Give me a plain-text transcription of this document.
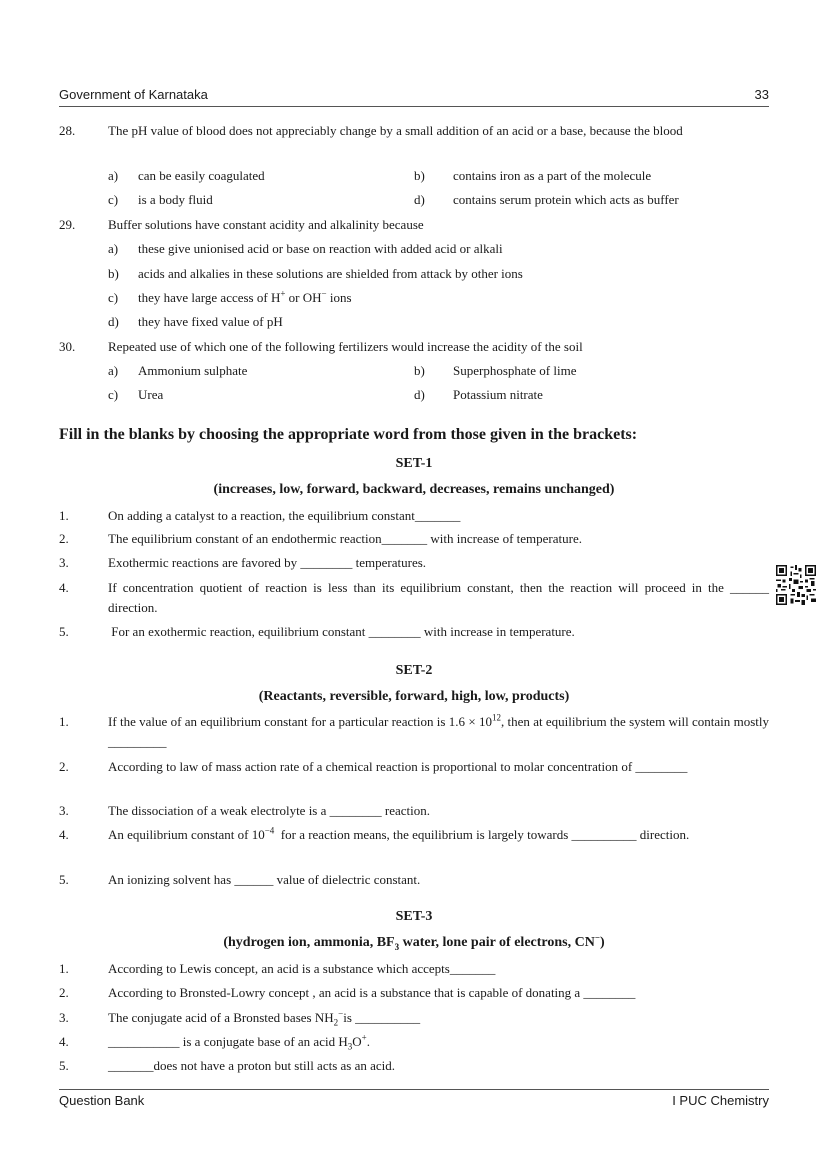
Government of Karnataka	33
28.	The pH value of blood does not appreciably change by a small addition of an acid or a base, because the blood
a) can be easily coagulated	b) contains iron as a part of the molecule
c) is a body fluid	d) contains serum protein which acts as buffer
29.	Buffer solutions have constant acidity and alkalinity because
a) these give unionised acid or base on reaction with added acid or alkali
b) acids and alkalies in these solutions are shielded from attack by other ions
c) they have large access of H+ or OH− ions
d) they have fixed value of pH
30.	Repeated use of which one of the following fertilizers would increase the acidity of the soil
a) Ammonium sulphate	b) Superphosphate of lime
c) Urea	d) Potassium nitrate
Fill in the blanks by choosing the appropriate word from those given in the brackets:
SET-1
(increases, low, forward, backward, decreases, remains unchanged)
1.	On adding a catalyst to a reaction, the equilibrium constant_______
2.	The equilibrium constant of an endothermic reaction_______ with increase of temperature.
3.	Exothermic reactions are favored by ________ temperatures.
4.	If concentration quotient of reaction is less than its equilibrium constant, then the reaction will proceed in the ______ direction.
5.	For an exothermic reaction, equilibrium constant ________ with increase in temperature.
SET-2
(Reactants, reversible, forward, high, low, products)
1.	If the value of an equilibrium constant for a particular reaction is $1.6 \times 10^{12}$, then at equilibrium the system will contain mostly _________
2.	According to law of mass action rate of a chemical reaction is proportional to molar concentration of ________
3.	The dissociation of a weak electrolyte is a ________ reaction.
4.	An equilibrium constant of $10^{-4}$  for a reaction means, the equilibrium is largely towards __________ direction.
5.	An ionizing solvent has ______ value of dielectric constant.
SET-3
(hydrogen ion, ammonia, $BF_3$ water, lone pair of electrons, CN−)
1.	According to Lewis concept, an acid is a substance which accepts_______
2.	According to Bronsted-Lowry concept , an acid is a substance that is capable of donating a ________
3.	The conjugate acid of a Bronsted bases $NH_2^-is$ __________
4.	___________ is a conjugate base of an acid $H_3O^+$.
5.	_______does not have a proton but still acts as an acid.
Question Bank	I PUC Chemistry
